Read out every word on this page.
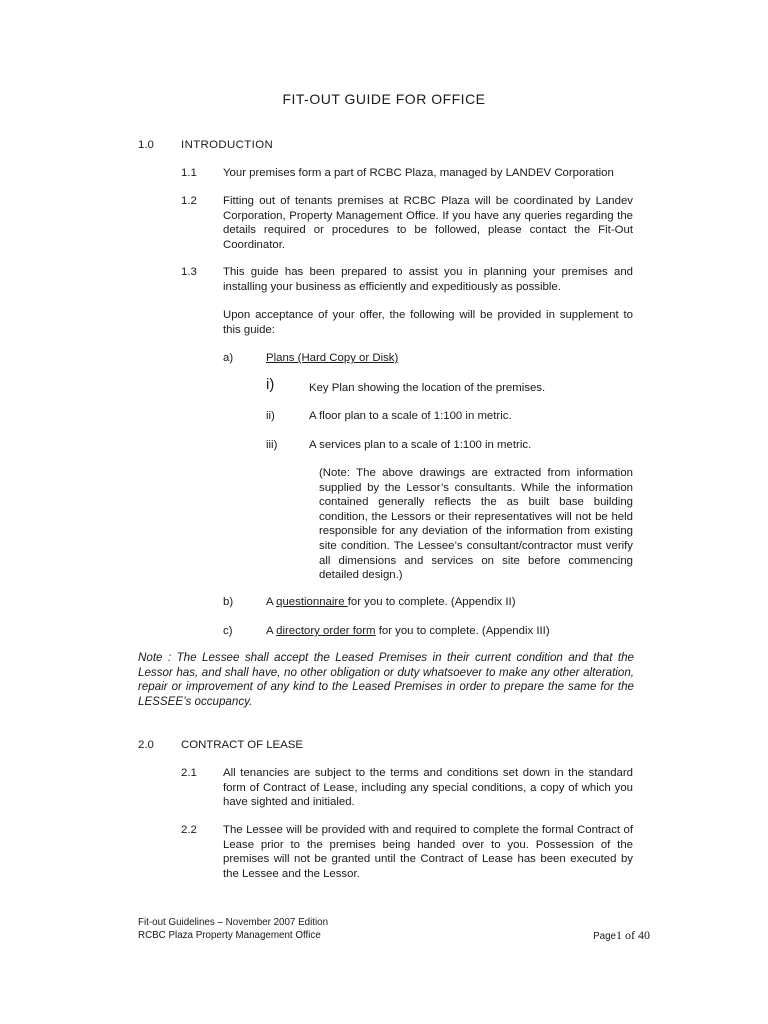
FIT-OUT GUIDE FOR OFFICE
1.0	INTRODUCTION
1.1	Your premises form a part of RCBC Plaza, managed by LANDEV Corporation
1.2	Fitting out of tenants premises at RCBC Plaza will be coordinated by Landev Corporation, Property Management Office. If you have any queries regarding the details required or procedures to be followed, please contact the Fit-Out Coordinator.
1.3	This guide has been prepared to assist you in planning your premises and installing your business as efficiently and expeditiously as possible.
Upon acceptance of your offer, the following will be provided in supplement to this guide:
a)	Plans (Hard Copy or Disk)
i)	Key Plan showing the location of the premises.
ii)	A floor plan to a scale of 1:100 in metric.
iii)	A services plan to a scale of 1:100 in metric.
(Note: The above drawings are extracted from information supplied by the Lessor’s consultants. While the information contained generally reflects the as built base building condition, the Lessors or their representatives will not be held responsible for any deviation of the information from existing site condition. The Lessee’s consultant/contractor must verify all dimensions and services on site before commencing detailed design.)
b)	A questionnaire for you to complete. (Appendix II)
c)	A directory order form for you to complete. (Appendix III)
Note : The Lessee shall accept the Leased Premises in their current condition and that the Lessor has, and shall have, no other obligation or duty whatsoever to make any other alteration, repair or improvement of any kind to the Leased Premises in order to prepare the same for the LESSEE’s occupancy.
2.0	CONTRACT OF LEASE
2.1	All tenancies are subject to the terms and conditions set down in the standard form of Contract of Lease, including any special conditions, a copy of which you have sighted and initialed.
2.2	The Lessee will be provided with and required to complete the formal Contract of Lease prior to the premises being handed over to you. Possession of the premises will not be granted until the Contract of Lease has been executed by the Lessee and the Lessor.
Fit-out Guidelines – November 2007 Edition
RCBC Plaza Property Management Office	Page1 of 40
